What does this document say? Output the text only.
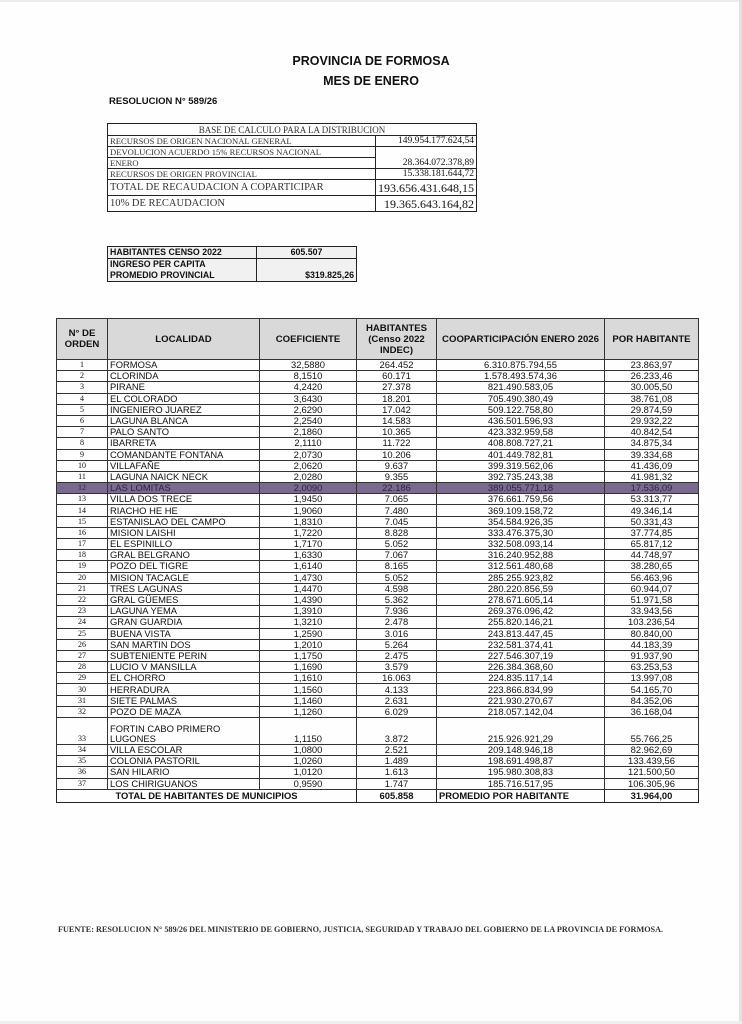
PROVINCIA DE FORMOSA
MES DE ENERO
RESOLUCION N° 589/26
BASE DE CALCULO PARA LA DISTRIBUCION	
RECURSOS DE ORIGEN NACIONAL GENERAL	149.954.177.624,54
DEVOLUCION ACUERDO 15% RECURSOS NACIONAL	28.364.072.378,89
ENERO	
RECURSOS DE ORIGEN PROVINCIAL	15.338.181.644,72
TOTAL DE RECAUDACION A COPARTICIPAR	193.656.431.648,15
10% DE RECAUDACION	19.365.643.164,82
HABITANTES CENSO 2022	605.507
INGRESO PER CAPITA	$319.825,26
PROMEDIO PROVINCIAL	
N° DE ORDEN	LOCALIDAD	COEFICIENTE	HABITANTES (Censo 2022 INDEC)	COOPARTICIPACIÓN ENERO 2026	POR HABITANTE
1	FORMOSA	32,5880	264.452	6.310.875.794,55	23.863,97
2	CLORINDA	8,1510	60.171	1.578.493.574,36	26.233,46
3	PIRANE	4,2420	27.378	821.490.583,05	30.005,50
4	EL COLORADO	3,6430	18.201	705.490.380,49	38.761,08
5	INGENIERO JUAREZ	2,6290	17.042	509.122.758,80	29.874,59
6	LAGUNA BLANCA	2,2540	14.583	436.501.596,93	29.932,22
7	PALO SANTO	2,1860	10.365	423.332.959,58	40.842,54
8	IBARRETA	2,1110	11.722	408.808.727,21	34.875,34
9	COMANDANTE FONTANA	2,0730	10.206	401.449.782,81	39.334,68
10	VILLAFAÑE	2,0620	9.637	399.319.562,06	41.436,09
11	LAGUNA NAICK NECK	2,0280	9.355	392.735.243,38	41.981,32
12	LAS LOMITAS	2,0090	22.186	389.055.771,18	17.536,09
13	VILLA DOS TRECE	1,9450	7.065	376.661.759,56	53.313,77
14	RIACHO HE HE	1,9060	7.480	369.109.158,72	49.346,14
15	ESTANISLAO DEL CAMPO	1,8310	7.045	354.584.926,35	50.331,43
16	MISION LAISHI	1,7220	8.828	333.476.375,30	37.774,85
17	EL ESPINILLO	1,7170	5.052	332.508.093,14	65.817,12
18	GRAL BELGRANO	1,6330	7.067	316.240.952,88	44.748,97
19	POZO DEL TIGRE	1,6140	8.165	312.561.480,68	38.280,65
20	MISION TACAGLE	1,4730	5.052	285.255.923,82	56.463,96
21	TRES LAGUNAS	1,4470	4.598	280.220.856,59	60.944,07
22	GRAL GÜEMES	1,4390	5.362	278.671.605,14	51.971,58
23	LAGUNA YEMA	1,3910	7.936	269.376.096,42	33.943,56
24	GRAN GUARDIA	1,3210	2.478	255.820.146,21	103.236,54
25	BUENA VISTA	1,2590	3.016	243.813.447,45	80.840,00
26	SAN MARTIN DOS	1,2010	5.264	232.581.374,41	44.183,39
27	SUBTENIENTE PERIN	1,1750	2.475	227.546.307,19	91.937,90
28	LUCIO V MANSILLA	1,1690	3.579	226.384.368,60	63.253,53
29	EL CHORRO	1,1610	16.063	224.835.117,14	13.997,08
30	HERRADURA	1,1560	4.133	223.866.834,99	54.165,70
31	SIETE PALMAS	1,1460	2.631	221.930.270,67	84.352,06
32	POZO DE MAZA	1,1260	6.029	218.057.142,04	36.168,04
33	FORTIN CABO PRIMERO LUGONES	1,1150	3.872	215.926.921,29	55.766,25
34	VILLA ESCOLAR	1,0800	2.521	209.148.946,18	82.962,69
35	COLONIA PASTORIL	1,0260	1.489	198.691.498,87	133.439,56
36	SAN HILARIO	1,0120	1.613	195.980.308,83	121.500,50
37	LOS CHIRIGUANOS	0,9590	1.747	185.716.517,95	106.305,96
TOTAL DE HABITANTES DE MUNICIPIOS			605.858	PROMEDIO POR HABITANTE	31.964,00
FUENTE: RESOLUCION N° 589/26 DEL MINISTERIO DE GOBIERNO, JUSTICIA, SEGURIDAD Y TRABAJO DEL GOBIERNO DE LA PROVINCIA DE FORMOSA.
